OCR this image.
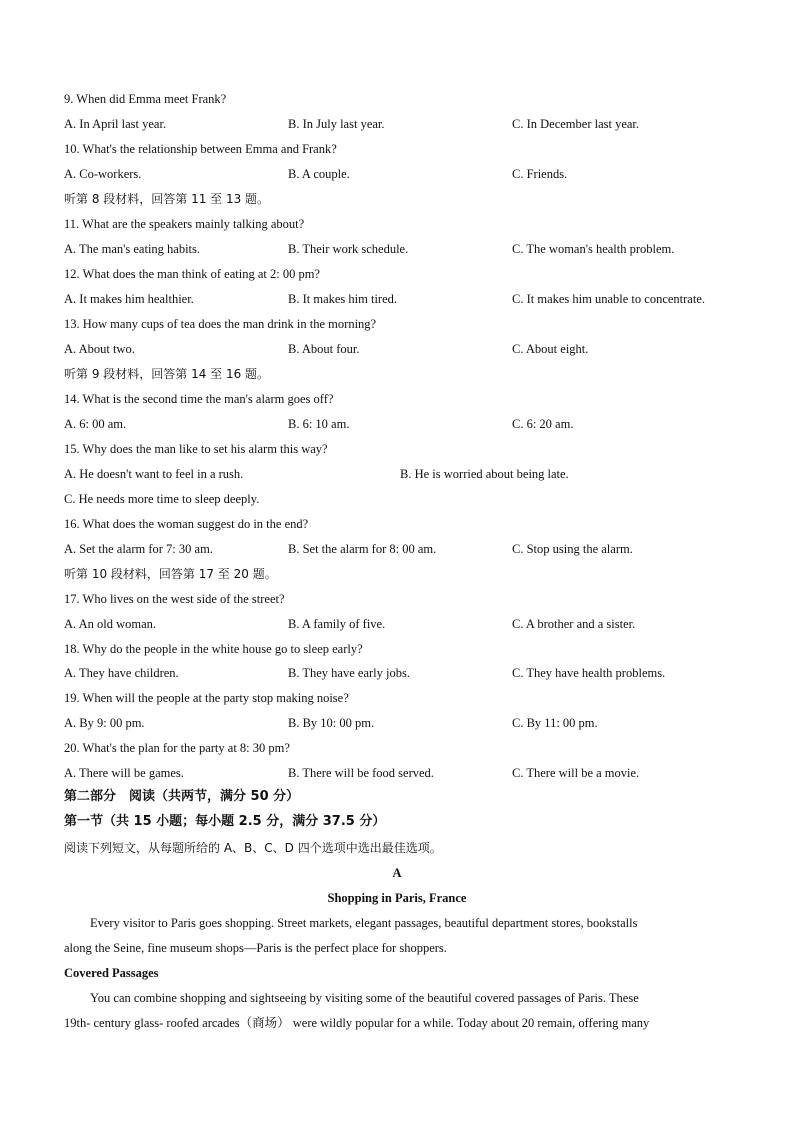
9. When did Emma meet Frank?
A. In April last year.	B. In July last year.	C. In December last year.
10. What's the relationship between Emma and Frank?
A. Co-workers.	B. A couple.	C. Friends.
听第 8 段材料，回答第 11 至 13 题。
11. What are the speakers mainly talking about?
A. The man's eating habits.	B. Their work schedule.	C. The woman's health problem.
12. What does the man think of eating at 2: 00 pm?
A. It makes him healthier.	B. It makes him tired.	C. It makes him unable to concentrate.
13. How many cups of tea does the man drink in the morning?
A. About two.	B. About four.	C. About eight.
听第 9 段材料，回答第 14 至 16 题。
14. What is the second time the man's alarm goes off?
A. 6: 00 am.	B. 6: 10 am.	C. 6: 20 am.
15. Why does the man like to set his alarm this way?
A. He doesn't want to feel in a rush.	B. He is worried about being late.
C. He needs more time to sleep deeply.
16. What does the woman suggest do in the end?
A. Set the alarm for 7: 30 am.	B. Set the alarm for 8: 00 am.	C. Stop using the alarm.
听第 10 段材料，回答第 17 至 20 题。
17. Who lives on the west side of the street?
A. An old woman.	B. A family of five.	C. A brother and a sister.
18. Why do the people in the white house go to sleep early?
A. They have children.	B. They have early jobs.	C. They have health problems.
19. When will the people at the party stop making noise?
A. By 9: 00 pm.	B. By 10: 00 pm.	C. By 11: 00 pm.
20. What's the plan for the party at 8: 30 pm?
A. There will be games.	B. There will be food served.	C. There will be a movie.
第二部分　阅读（共两节，满分 50 分）
第一节（共 15 小题；每小题 2.5 分，满分 37.5 分）
阅读下列短文，从每题所给的 A、B、C、D 四个选项中选出最佳选项。
A
Shopping in Paris, France
Every visitor to Paris goes shopping. Street markets, elegant passages, beautiful department stores, bookstalls
along the Seine, fine museum shops—Paris is the perfect place for shoppers.
Covered Passages
You can combine shopping and sightseeing by visiting some of the beautiful covered passages of Paris. These
19th- century glass- roofed arcades（商场） were wildly popular for a while. Today about 20 remain, offering many
